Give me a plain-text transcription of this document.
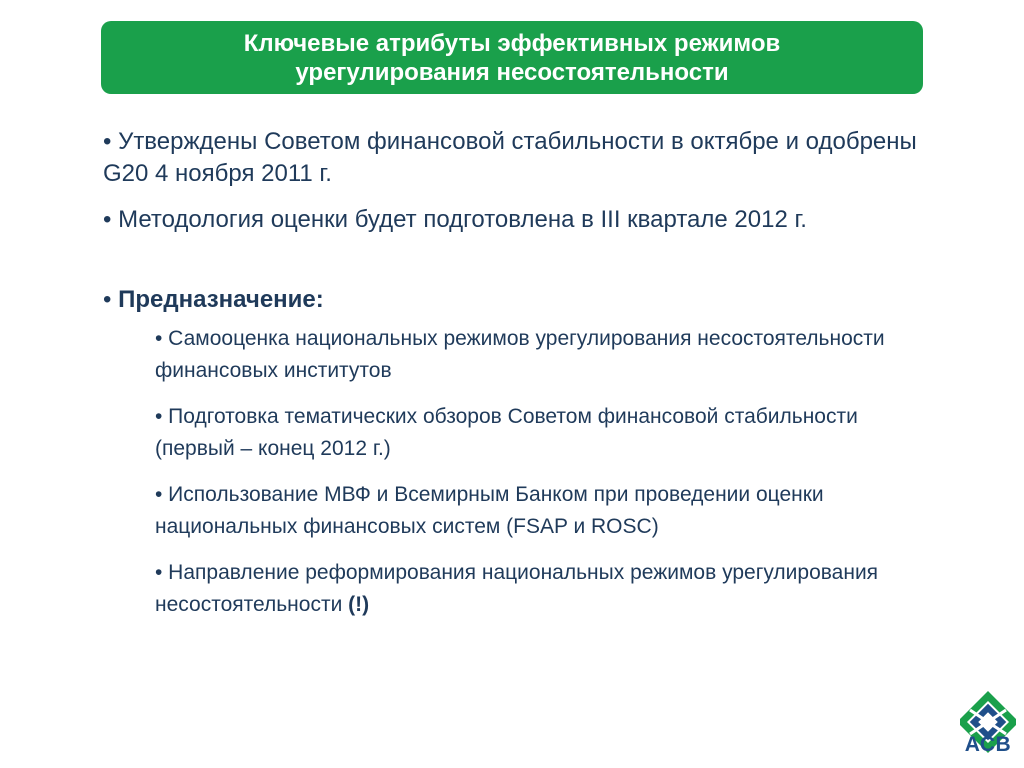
Ключевые атрибуты эффективных режимов
урегулирования несостоятельности

• Утверждены Советом финансовой стабильности в октябре и одобрены G20 4 ноября 2011 г.

• Методология оценки будет подготовлена в III квартале 2012 г.

• Предназначение:

• Самооценка национальных режимов урегулирования несостоятельности финансовых институтов

• Подготовка тематических обзоров Советом финансовой стабильности (первый – конец 2012 г.)

• Использование МВФ и Всемирным Банком при проведении оценки национальных финансовых систем (FSAP и ROSC)

• Направление реформирования национальных режимов урегулирования несостоятельности (!)

АСВ
